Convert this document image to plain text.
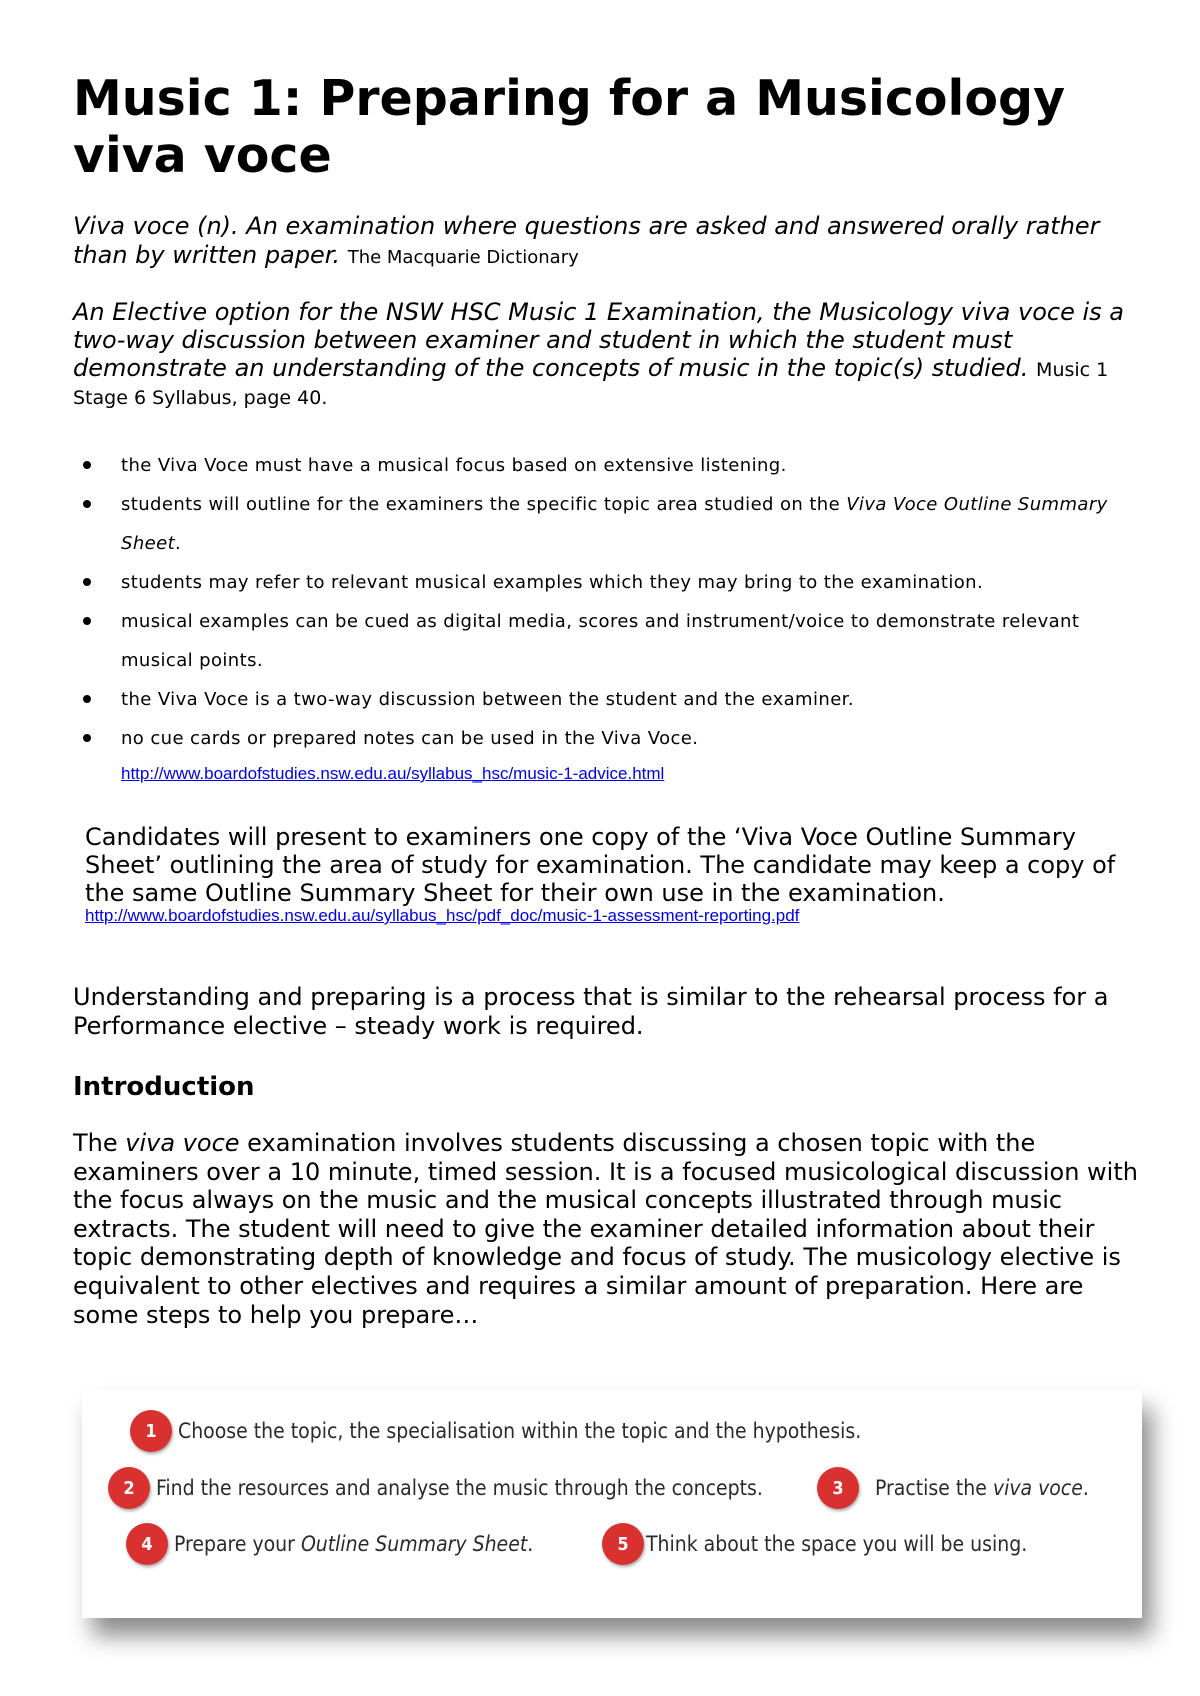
Music 1: Preparing for a Musicology viva voce

Viva voce (n). An examination where questions are asked and answered orally rather than by written paper. The Macquarie Dictionary

An Elective option for the NSW HSC Music 1 Examination, the Musicology viva voce is a two-way discussion between examiner and student in which the student must demonstrate an understanding of the concepts of music in the topic(s) studied. Music 1 Stage 6 Syllabus, page 40.

the Viva Voce must have a musical focus based on extensive listening.
students will outline for the examiners the specific topic area studied on the Viva Voce Outline Summary Sheet.
students may refer to relevant musical examples which they may bring to the examination.
musical examples can be cued as digital media, scores and instrument/voice to demonstrate relevant musical points.
the Viva Voce is a two-way discussion between the student and the examiner.
no cue cards or prepared notes can be used in the Viva Voce.
http://www.boardofstudies.nsw.edu.au/syllabus_hsc/music-1-advice.html

Candidates will present to examiners one copy of the ‘Viva Voce Outline Summary Sheet’ outlining the area of study for examination. The candidate may keep a copy of the same Outline Summary Sheet for their own use in the examination.

http://www.boardofstudies.nsw.edu.au/syllabus_hsc/pdf_doc/music-1-assessment-reporting.pdf

Understanding and preparing is a process that is similar to the rehearsal process for a Performance elective – steady work is required.

Introduction

The viva voce examination involves students discussing a chosen topic with the examiners over a 10 minute, timed session. It is a focused musicological discussion with the focus always on the music and the musical concepts illustrated through music extracts. The student will need to give the examiner detailed information about their topic demonstrating depth of knowledge and focus of study. The musicology elective is equivalent to other electives and requires a similar amount of preparation. Here are some steps to help you prepare…

1	Choose the topic, the specialisation within the topic and the hypothesis.
2	Find the resources and analyse the music through the concepts.	3	Practise the viva voce.
4	Prepare your Outline Summary Sheet.	5 Think about the space you will be using.
